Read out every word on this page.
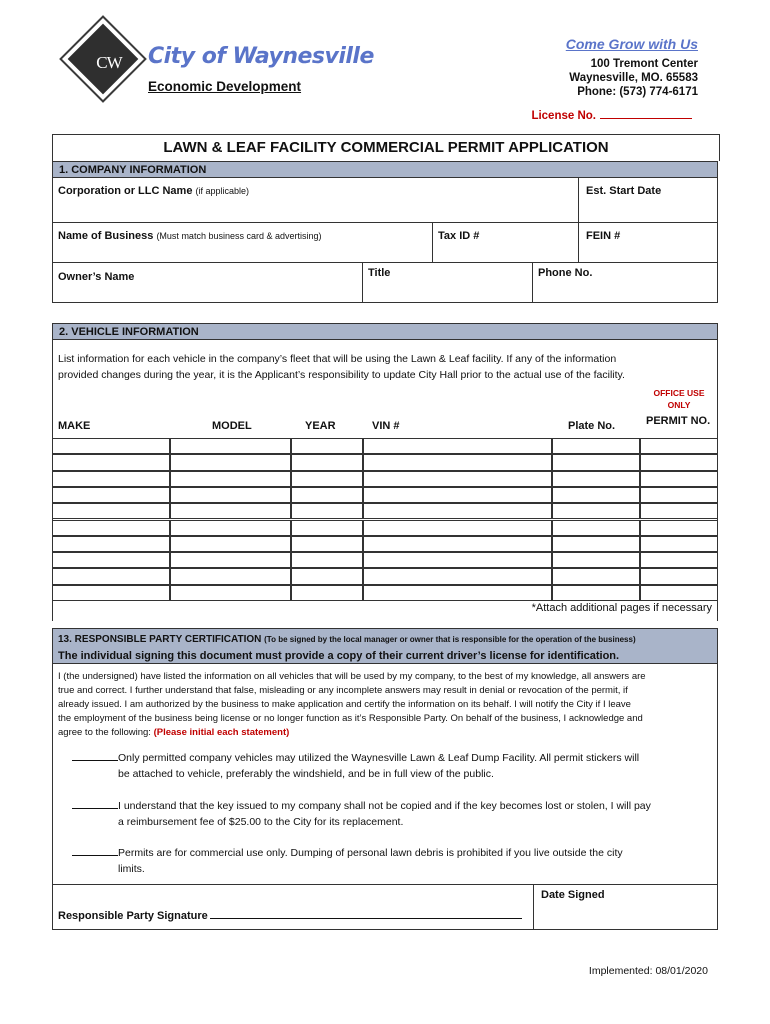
CW	City of Waynesville
Economic Development
Come Grow with Us
100 Tremont Center
Waynesville, MO. 65583
Phone: (573) 774-6171
License No.
LAWN & LEAF FACILITY COMMERCIAL PERMIT APPLICATION
1. COMPANY INFORMATION
Corporation or LLC Name (if applicable)	Est. Start Date
Name of Business (Must match business card & advertising)	Tax ID #	FEIN #
Owner’s Name	Title	Phone No.
2. VEHICLE INFORMATION
List information for each vehicle in the company’s fleet that will be using the Lawn & Leaf facility. If any of the information
provided changes during the year, it is the Applicant’s responsibility to update City Hall prior to the actual use of the facility.
OFFICE USE
ONLY
MAKE	MODEL	YEAR	VIN #	Plate No.	PERMIT NO.
*Attach additional pages if necessary
13. RESPONSIBLE PARTY CERTIFICATION (To be signed by the local manager or owner that is responsible for the operation of the business)
The individual signing this document must provide a copy of their current driver’s license for identification.
I (the undersigned) have listed the information on all vehicles that will be used by my company, to the best of my knowledge, all answers are
true and correct. I further understand that false, misleading or any incomplete answers may result in denial or revocation of the permit, if
already issued. I am authorized by the business to make application and certify the information on its behalf. I will notify the City if I leave
the employment of the business being license or no longer function as it’s Responsible Party. On behalf of the business, I acknowledge and
agree to the following: (Please initial each statement)
Only permitted company vehicles may utilized the Waynesville Lawn & Leaf Dump Facility. All permit stickers will
be attached to vehicle, preferably the windshield, and be in full view of the public.
I understand that the key issued to my company shall not be copied and if the key becomes lost or stolen, I will pay
a reimbursement fee of $25.00 to the City for its replacement.
Permits are for commercial use only. Dumping of personal lawn debris is prohibited if you live outside the city
limits.
Responsible Party Signature
Date Signed
Implemented: 08/01/2020
